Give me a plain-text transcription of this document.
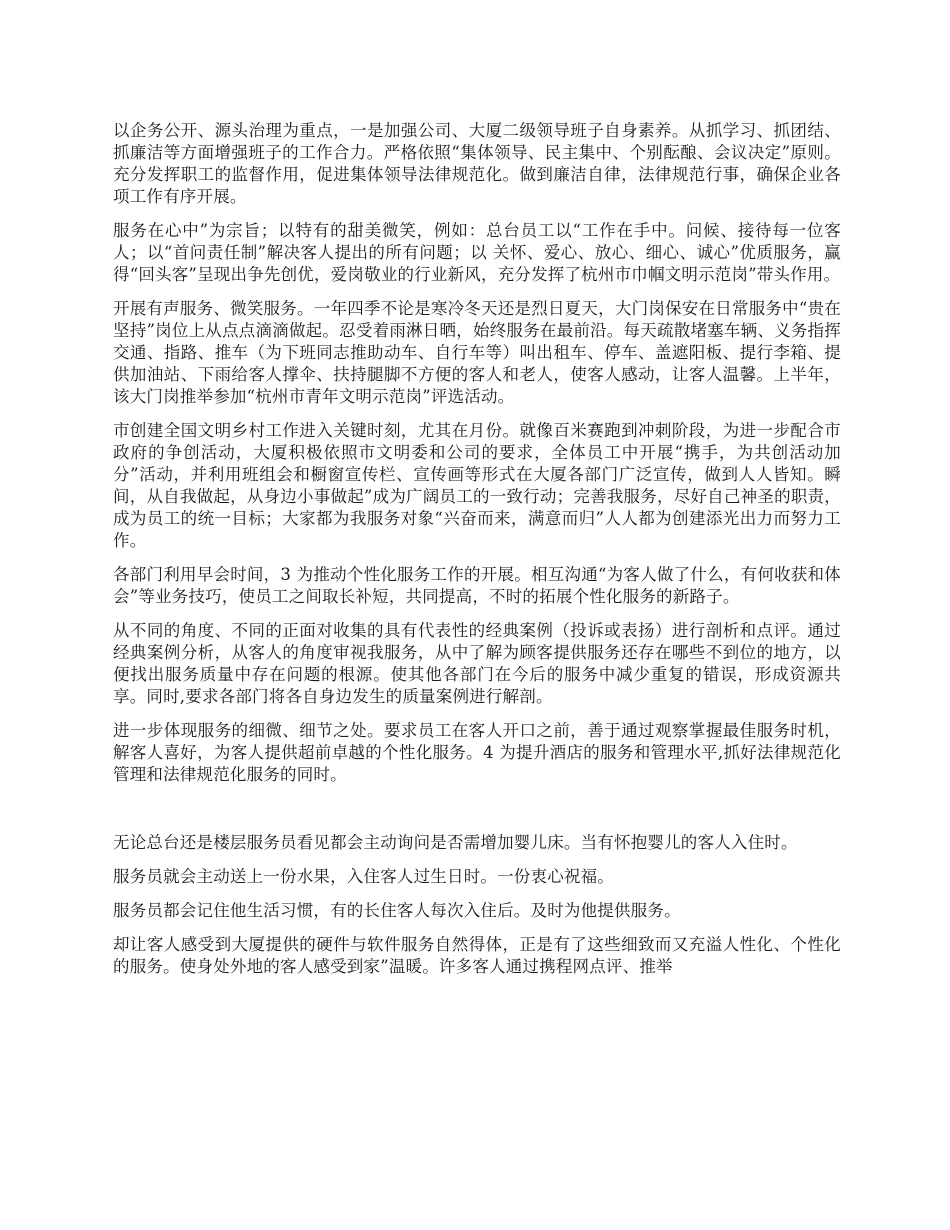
以企务公开、源头治理为重点，一是加强公司、大厦二级领导班子自身素养。从抓学习、抓团结、抓廉洁等方面增强班子的工作合力。严格依照“集体领导、民主集中、个别酝酿、会议决定”原则。充分发挥职工的监督作用，促进集体领导法律规范化。做到廉洁自律，法律规范行事，确保企业各项工作有序开展。

服务在心中”为宗旨；以特有的甜美微笑，例如：总台员工以“工作在手中。问候、接待每一位客人；以“首问责任制”解决客人提出的所有问题；以 关怀、爱心、放心、细心、诚心”优质服务，赢得“回头客”呈现出争先创优，爱岗敬业的行业新风，充分发挥了杭州市巾帼文明示范岗”带头作用。

开展有声服务、微笑服务。一年四季不论是寒冷冬天还是烈日夏天，大门岗保安在日常服务中“贵在坚持”岗位上从点点滴滴做起。忍受着雨淋日晒，始终服务在最前沿。每天疏散堵塞车辆、义务指挥交通、指路、推车（为下班同志推助动车、自行车等）叫出租车、停车、盖遮阳板、提行李箱、提供加油站、下雨给客人撑伞、扶持腿脚不方便的客人和老人，使客人感动，让客人温馨。上半年，该大门岗推举参加“杭州市青年文明示范岗”评选活动。

市创建全国文明乡村工作进入关键时刻，尤其在月份。就像百米赛跑到冲刺阶段，为进一步配合市政府的争创活动，大厦积极依照市文明委和公司的要求，全体员工中开展“携手，为共创活动加分”活动，并利用班组会和橱窗宣传栏、宣传画等形式在大厦各部门广泛宣传，做到人人皆知。瞬间，从自我做起，从身边小事做起”成为广阔员工的一致行动；完善我服务，尽好自己神圣的职责，成为员工的统一目标；大家都为我服务对象“兴奋而来，满意而归”人人都为创建添光出力而努力工作。

各部门利用早会时间，3 为推动个性化服务工作的开展。相互沟通“为客人做了什么，有何收获和体会”等业务技巧，使员工之间取长补短，共同提高，不时的拓展个性化服务的新路子。

从不同的角度、不同的正面对收集的具有代表性的经典案例（投诉或表扬）进行剖析和点评。通过经典案例分析，从客人的角度审视我服务，从中了解为顾客提供服务还存在哪些不到位的地方，以便找出服务质量中存在问题的根源。使其他各部门在今后的服务中减少重复的错误，形成资源共享。同时,要求各部门将各自身边发生的质量案例进行解剖。

进一步体现服务的细微、细节之处。要求员工在客人开口之前，善于通过观察掌握最佳服务时机，解客人喜好，为客人提供超前卓越的个性化服务。4 为提升酒店的服务和管理水平,抓好法律规范化管理和法律规范化服务的同时。

无论总台还是楼层服务员看见都会主动询问是否需增加婴儿床。当有怀抱婴儿的客人入住时。

服务员就会主动送上一份水果，入住客人过生日时。一份衷心祝福。

服务员都会记住他生活习惯，有的长住客人每次入住后。及时为他提供服务。

却让客人感受到大厦提供的硬件与软件服务自然得体，正是有了这些细致而又充溢人性化、个性化的服务。使身处外地的客人感受到家”温暖。许多客人通过携程网点评、推举
